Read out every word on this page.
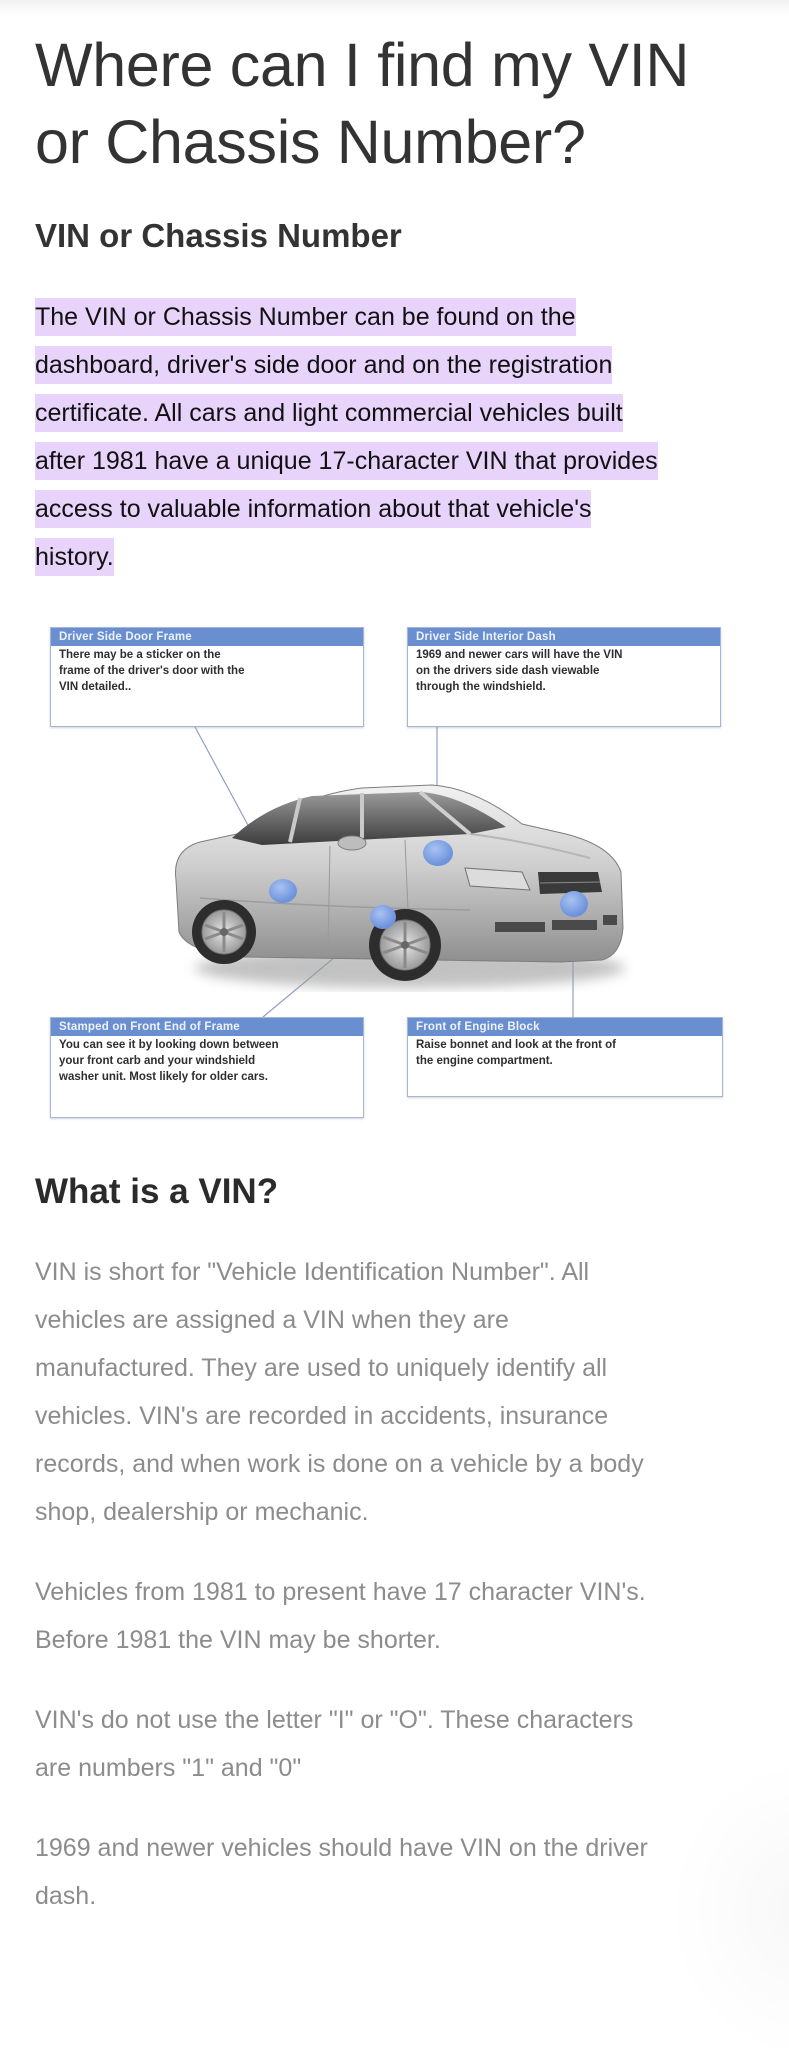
Where can I find my VIN
or Chassis Number?
VIN or Chassis Number

The VIN or Chassis Number can be found on the
dashboard, driver's side door and on the registration
certificate. All cars and light commercial vehicles built
after 1981 have a unique 17-character VIN that provides
access to valuable information about that vehicle's
history.

Driver Side Door Frame
There may be a sticker on the
frame of the driver's door with the
VIN detailed..
Driver Side Interior Dash
1969 and newer cars will have the VIN
on the drivers side dash viewable
through the windshield.
Stamped on Front End of Frame
You can see it by looking down between
your front carb and your windshield
washer unit. Most likely for older cars.
Front of Engine Block
Raise bonnet and look at the front of
the engine compartment.
What is a VIN?

VIN is short for "Vehicle Identification Number". All
vehicles are assigned a VIN when they are
manufactured. They are used to uniquely identify all
vehicles. VIN's are recorded in accidents, insurance
records, and when work is done on a vehicle by a body
shop, dealership or mechanic.

Vehicles from 1981 to present have 17 character VIN's.
Before 1981 the VIN may be shorter.

VIN's do not use the letter "I" or "O". These characters
are numbers "1" and "0"

1969 and newer vehicles should have VIN on the driver
dash.
